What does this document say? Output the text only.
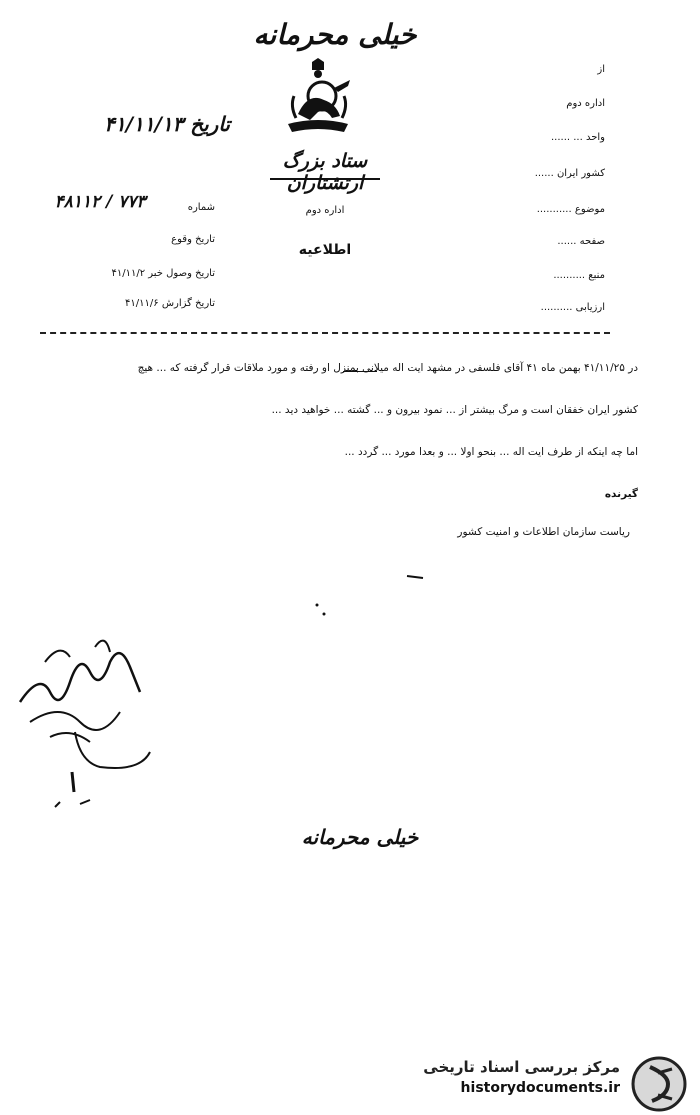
خیلی محرمانه
ستاد بزرگ ارتشتاران
اداره دوم
اطلاعیه
از
اداره دوم
واحد ... ......
کشور ایران ......
موضوع ...........
صفحه ......
منبع ..........
ارزیابی ..........
تاریخ ۴۱/۱۱/۱۳
شماره
۴۸۱۱۲ / ۷۷۳
تاریخ وقوع
تاریخ وصول خبر ۴۱/۱۱/۲
تاریخ گزارش ۴۱/۱۱/۶
در ۴۱/۱۱/۲۵ بهمن ماه ۴۱ آقای فلسفی در مشهد ایت اله میلانی بمنزل او رفته و مورد ملاقات قرار گرفته که ... هیچ
کشور ایران خفقان است و مرگ بیشتر از ... نمود بیرون و ... گشته ... خواهید دید ...
اما چه اینکه از طرف ایت اله ... بنحو اولا ... و بعدا مورد ... گردد ...
گیرنده
ریاست سازمان اطلاعات و امنیت کشور
خیلی محرمانه
مرکز بررسی اسناد تاریخی
historydocuments.ir
